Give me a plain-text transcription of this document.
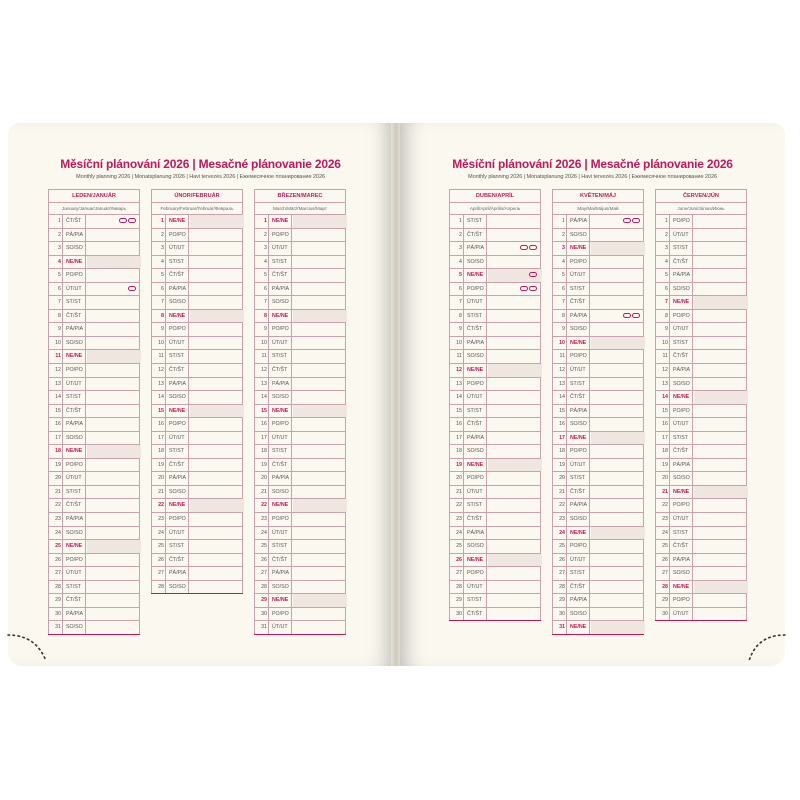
Měsíční plánování 2026 | Mesačné plánovanie 2026
Monthly planning 2026 | Monatsplanung 2026 | Havi tervezés 2026 | Ежемесячное планирование 2026
LEDEN/JANUÁR
January/Januar/Január/Январь
1 ČT/ŠT
2 PÁ/PIA
3 SO/SO
4 NE/NE
5 PO/PO
6 ÚT/UT
7 ST/ST
8 ČT/ŠT
9 PÁ/PIA
10 SO/SO
11 NE/NE
12 PO/PO
13 ÚT/UT
14 ST/ST
15 ČT/ŠT
16 PÁ/PIA
17 SO/SO
18 NE/NE
19 PO/PO
20 ÚT/UT
21 ST/ST
22 ČT/ŠT
23 PÁ/PIA
24 SO/SO
25 NE/NE
26 PO/PO
27 ÚT/UT
28 ST/ST
29 ČT/ŠT
30 PÁ/PIA
31 SO/SO
ÚNOR/FEBRUÁR
February/Februar/Február/Февраль
1 NE/NE
2 PO/PO
3 ÚT/UT
4 ST/ST
5 ČT/ŠT
6 PÁ/PIA
7 SO/SO
8 NE/NE
9 PO/PO
10 ÚT/UT
11 ST/ST
12 ČT/ŠT
13 PÁ/PIA
14 SO/SO
15 NE/NE
16 PO/PO
17 ÚT/UT
18 ST/ST
19 ČT/ŠT
20 PÁ/PIA
21 SO/SO
22 NE/NE
23 PO/PO
24 ÚT/UT
25 ST/ST
26 ČT/ŠT
27 PÁ/PIA
28 SO/SO
BŘEZEN/MAREC
March/März/Marcius/Март
1 NE/NE
2 PO/PO
3 ÚT/UT
4 ST/ST
5 ČT/ŠT
6 PÁ/PIA
7 SO/SO
8 NE/NE
9 PO/PO
10 ÚT/UT
11 ST/ST
12 ČT/ŠT
13 PÁ/PIA
14 SO/SO
15 NE/NE
16 PO/PO
17 ÚT/UT
18 ST/ST
19 ČT/ŠT
20 PÁ/PIA
21 SO/SO
22 NE/NE
23 PO/PO
24 ÚT/UT
25 ST/ST
26 ČT/ŠT
27 PÁ/PIA
28 SO/SO
29 NE/NE
30 PO/PO
31 ÚT/UT
Měsíční plánování 2026 | Mesačné plánovanie 2026
Monthly planning 2026 | Monatsplanung 2026 | Havi tervezés 2026 | Ежемесячное планирование 2026
DUBEN/APRÍL
April/April/Április/Апрель
1 ST/ST
2 ČT/ŠT
3 PÁ/PIA
4 SO/SO
5 NE/NE
6 PO/PO
7 ÚT/UT
8 ST/ST
9 ČT/ŠT
10 PÁ/PIA
11 SO/SO
12 NE/NE
13 PO/PO
14 ÚT/UT
15 ST/ST
16 ČT/ŠT
17 PÁ/PIA
18 SO/SO
19 NE/NE
20 PO/PO
21 ÚT/UT
22 ST/ST
23 ČT/ŠT
24 PÁ/PIA
25 SO/SO
26 NE/NE
27 PO/PO
28 ÚT/UT
29 ST/ST
30 ČT/ŠT
KVĚTEN/MÁJ
May/Mai/Május/Май
1 PÁ/PIA
2 SO/SO
3 NE/NE
4 PO/PO
5 ÚT/UT
6 ST/ST
7 ČT/ŠT
8 PÁ/PIA
9 SO/SO
10 NE/NE
11 PO/PO
12 ÚT/UT
13 ST/ST
14 ČT/ŠT
15 PÁ/PIA
16 SO/SO
17 NE/NE
18 PO/PO
19 ÚT/UT
20 ST/ST
21 ČT/ŠT
22 PÁ/PIA
23 SO/SO
24 NE/NE
25 PO/PO
26 ÚT/UT
27 ST/ST
28 ČT/ŠT
29 PÁ/PIA
30 SO/SO
31 NE/NE
ČERVEN/JÚN
June/Juni/Június/Июнь
1 PO/PO
2 ÚT/UT
3 ST/ST
4 ČT/ŠT
5 PÁ/PIA
6 SO/SO
7 NE/NE
8 PO/PO
9 ÚT/UT
10 ST/ST
11 ČT/ŠT
12 PÁ/PIA
13 SO/SO
14 NE/NE
15 PO/PO
16 ÚT/UT
17 ST/ST
18 ČT/ŠT
19 PÁ/PIA
20 SO/SO
21 NE/NE
22 PO/PO
23 ÚT/UT
24 ST/ST
25 ČT/ŠT
26 PÁ/PIA
27 SO/SO
28 NE/NE
29 PO/PO
30 ÚT/UT
